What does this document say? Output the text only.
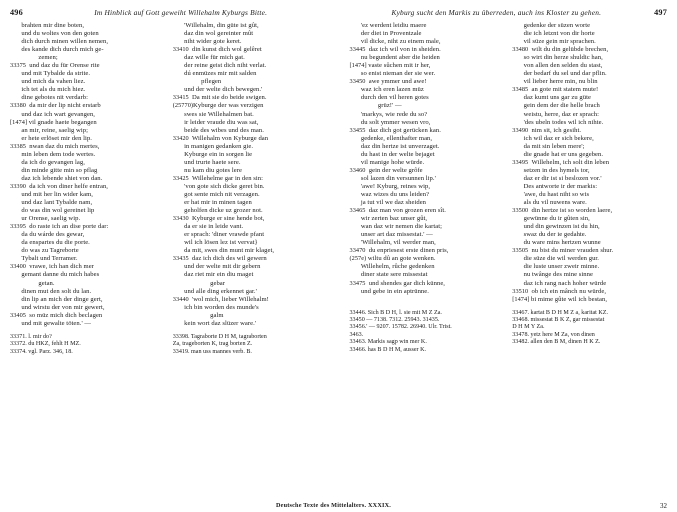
496	Im Hinblick auf Gott geweiht Willehalm Kyburgs Bitte.	Kyburg sucht den Markis zu überreden, auch ins Kloster zu gehen.	497
brahten mir dine boten,
und du woltes von den goten
dich durch minen willen nemen,
des kande dich durch mich ge-
zemen;
33375  und daz du für Orense rite
und mit Tybalde da strite.
und mich da vahen liez.
ich tet als du mich hiez.
dine gebotes nit verdarb:
33380  da mir der lip nicht erstarb
und daz ich wart gevangen,
[1474] vil gnade haete begangen
an mir, reine, saelig wip;
er hete erlöset mir den lip.
33385  nwan daz du mich mertes,
min leben dem tode wertes.
da ich do gevangen lag,
din minde gitte min so pflag
daz ich lebende shiet von dan.
33390  da ich von diner helfe entran,
und mit her lin wider kam,
und daz lant Tybalde nam,
do was din wol gereinet lip
ur Orense, saelig wip.
33395  do raste ich an dise porte dar:
da du wárde des gewar,
da enspartes du die porte.
do was zu Tagreborte
Tybalt und Terramer.
33400  vrawe, ich han dich mer
gemant danne du mich habes
getan.
dinen mut den solt du lan.
din lip an mich der dinge gert,
und wirstu der von mir gewert,
33405  so müz mich dich beclagen
und mit gewalte töten.' —
'Willehalm, din güte ist gût,
daz din wol gereinter mût
niht wider gote keret.
33410  din kunst dich wol gelêret
daz wille für mich gat.
der reine geist dich niht verlat.
dú enmüzes mir mit salden
pflegen
und der welte dich bewegen.'
33415  Da mit sie do beide swigen.
(25770)Kyburge der was verzigen
swes sie Willehalmen bat.
ir leider vraude diu was sat,
beide des wibes und des man.
33420  Willehalm von Kyburge dan
in manigen gedanken gie.
Kyburge ein in sorgen lie
und trurte haete sere.
nu kam diu gotes lere
33425  Willehelme gar in den sin:
'von gote sich dicke geret bin.
got sente mich nit verzagen.
er hat mir in minen tagen
geholfen dicke uz grozer not.
33430  Kyburge er sine hende bot,
da er sie in leide vant.
er sprach: 'diner vrawde pfant
wil ich lösen lez ist vervat}
da mit, swes din munt mir klaget,
33435  daz ich dich des wil gewern
und der welte mit dir gebern
daz riet mir ein diu maget
gebar
und alle ding erkennet gar.'
33440  'wol mich, lieber Willehalm!
ich bin worden des munde's
galm
kein wort daz slüzer ware.'
33371. l. mir do?
33372. du HKZ, fehlt H MZ.
33374. vgl. Parz. 346, 18.
33398. Tagraborte D H M, tagraborten
Za, trageborten K, trag borten Z.
33419. man uss mannes verb. B.
'ez werdent leidiu maere
der diet in Proventzale
vil dicke, niht zu einem male,
33445  daz ich wil von in sheiden.
nu begundent aber die heiden
[1474] vaste sûchen mit ir her,
so enist nieman der sie wer.
33450  awe ymmer und awe!
waz ich eren lazen müz
durch den vil heren gotes
grüz!' —
'markys, wie rede du so?
du solt ymmer wesen vro,
33455  daz dich got gerücken kan.
gedenke, ellenthafter man,
daz din hertze ist unverzaget.
du hast in der welte bejaget
vil manige hohe würde.
33460  gein der welte grôfe
sol lazen din versunnen lip.'
'awe! Kyburg, reines wip,
waz wizes du uns leiden?
ja tut vil we daz sheiden
33465  daz man von grozen eren sît.
wir zerten baz unser gût,
wan daz wir nemen die kartat;
unser art daz missestat.' —
'Willehalm, vil werder man,
33470  du enpriesest erste dinen pris,
(257e) wiltu dû an gote wenken.
Willehelm, rûche gedenken
diner state sere missestat
33475  und shendes gar dich künne,
und gebe in ein aptrünne.
gedenke der süzen worte
die ich letznt von dir horte
vil süze gein mir sprachen.
33480  wilt du din gelübde brechen,
so wirt din herze shuldic han,
von allen den selden du stast,
der bedarf du sel und dar pflin.
vil lieber herre min, nu blin
33485  an gote mit statem mute!
daz kumt uns gar zu güte
gein dem der die helle brach
weistu, herre, daz er sprach:
'des ubeln todes wil ich nihte.
33490  nim sit, ich gesiht.
ich wil daz er sich bekere,
da mit sin leben mere';
die gnade hat er uns gegeben.
33495  Willehelm, ich solt din leben
setzen in des hymels tor,
daz er dir ist si beslozen vor.'
Des antworte ir der markis:
'awe, du hast niht so wis
als du vil nuwens ware.
33500  din hertze ist so worden laere,
gewünne du ir gûten sin,
und din gewinzen ist du hin,
swaz du der ie gedahte.
du ware mins hertzen wunne
33505  nu bist du miner vrauden shur.
die süze die wil werden gur.
die luste unser zweir minne.
nu twânge des mine sinne
daz ich rang nach hoher würde
33510  ob ich ein mânch nu würde,
[1474] bi mime gûte wil ich bestan,
33446. Sich B D H, l. sie mit M Z Za.
33450 — 7138. 7312. 25943. 31435.
33456.' — 9207. 15782. 26940. Ulr. Trist.
3463.
33463. Markis sagp win mer K.
33466. has B D H M, ausser K.
33467. kartat B D H M Z a, karitat KZ.
33468. missestat B K Z, gar missestat
D H M Y Za.
33478. yetz here M Za, von dinen
33482. allen den B M, dinen H K Z.
Deutsche Texte des Mittelalters. XXXIX.	32
